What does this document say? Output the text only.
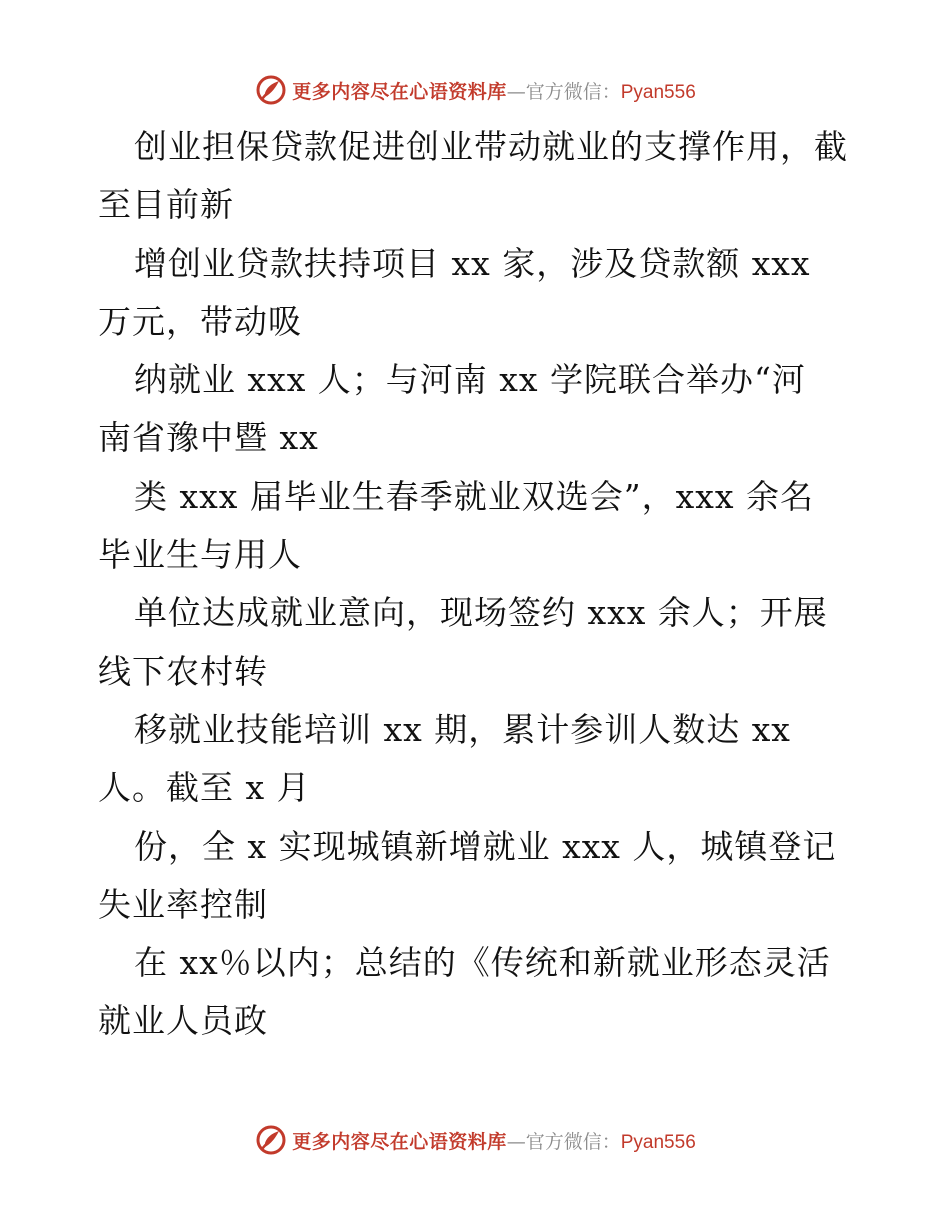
更多内容尽在心语资料库 — 官方微信： Pyan556
创业担保贷款促进创业带动就业的支撑作用，截
至目前新
增创业贷款扶持项目 xx 家，涉及贷款额 xxx
万元，带动吸
纳就业 xxx 人；与河南 xx 学院联合举办“河
南省豫中暨 xx
类 xxx 届毕业生春季就业双选会”，xxx 余名
毕业生与用人
单位达成就业意向，现场签约 xxx 余人；开展
线下农村转
移就业技能培训 xx 期，累计参训人数达 xx
人。截至 x 月
份，全 x 实现城镇新增就业 xxx 人，城镇登记
失业率控制
在 xx％以内；总结的《传统和新就业形态灵活
就业人员政
更多内容尽在心语资料库 — 官方微信： Pyan556
